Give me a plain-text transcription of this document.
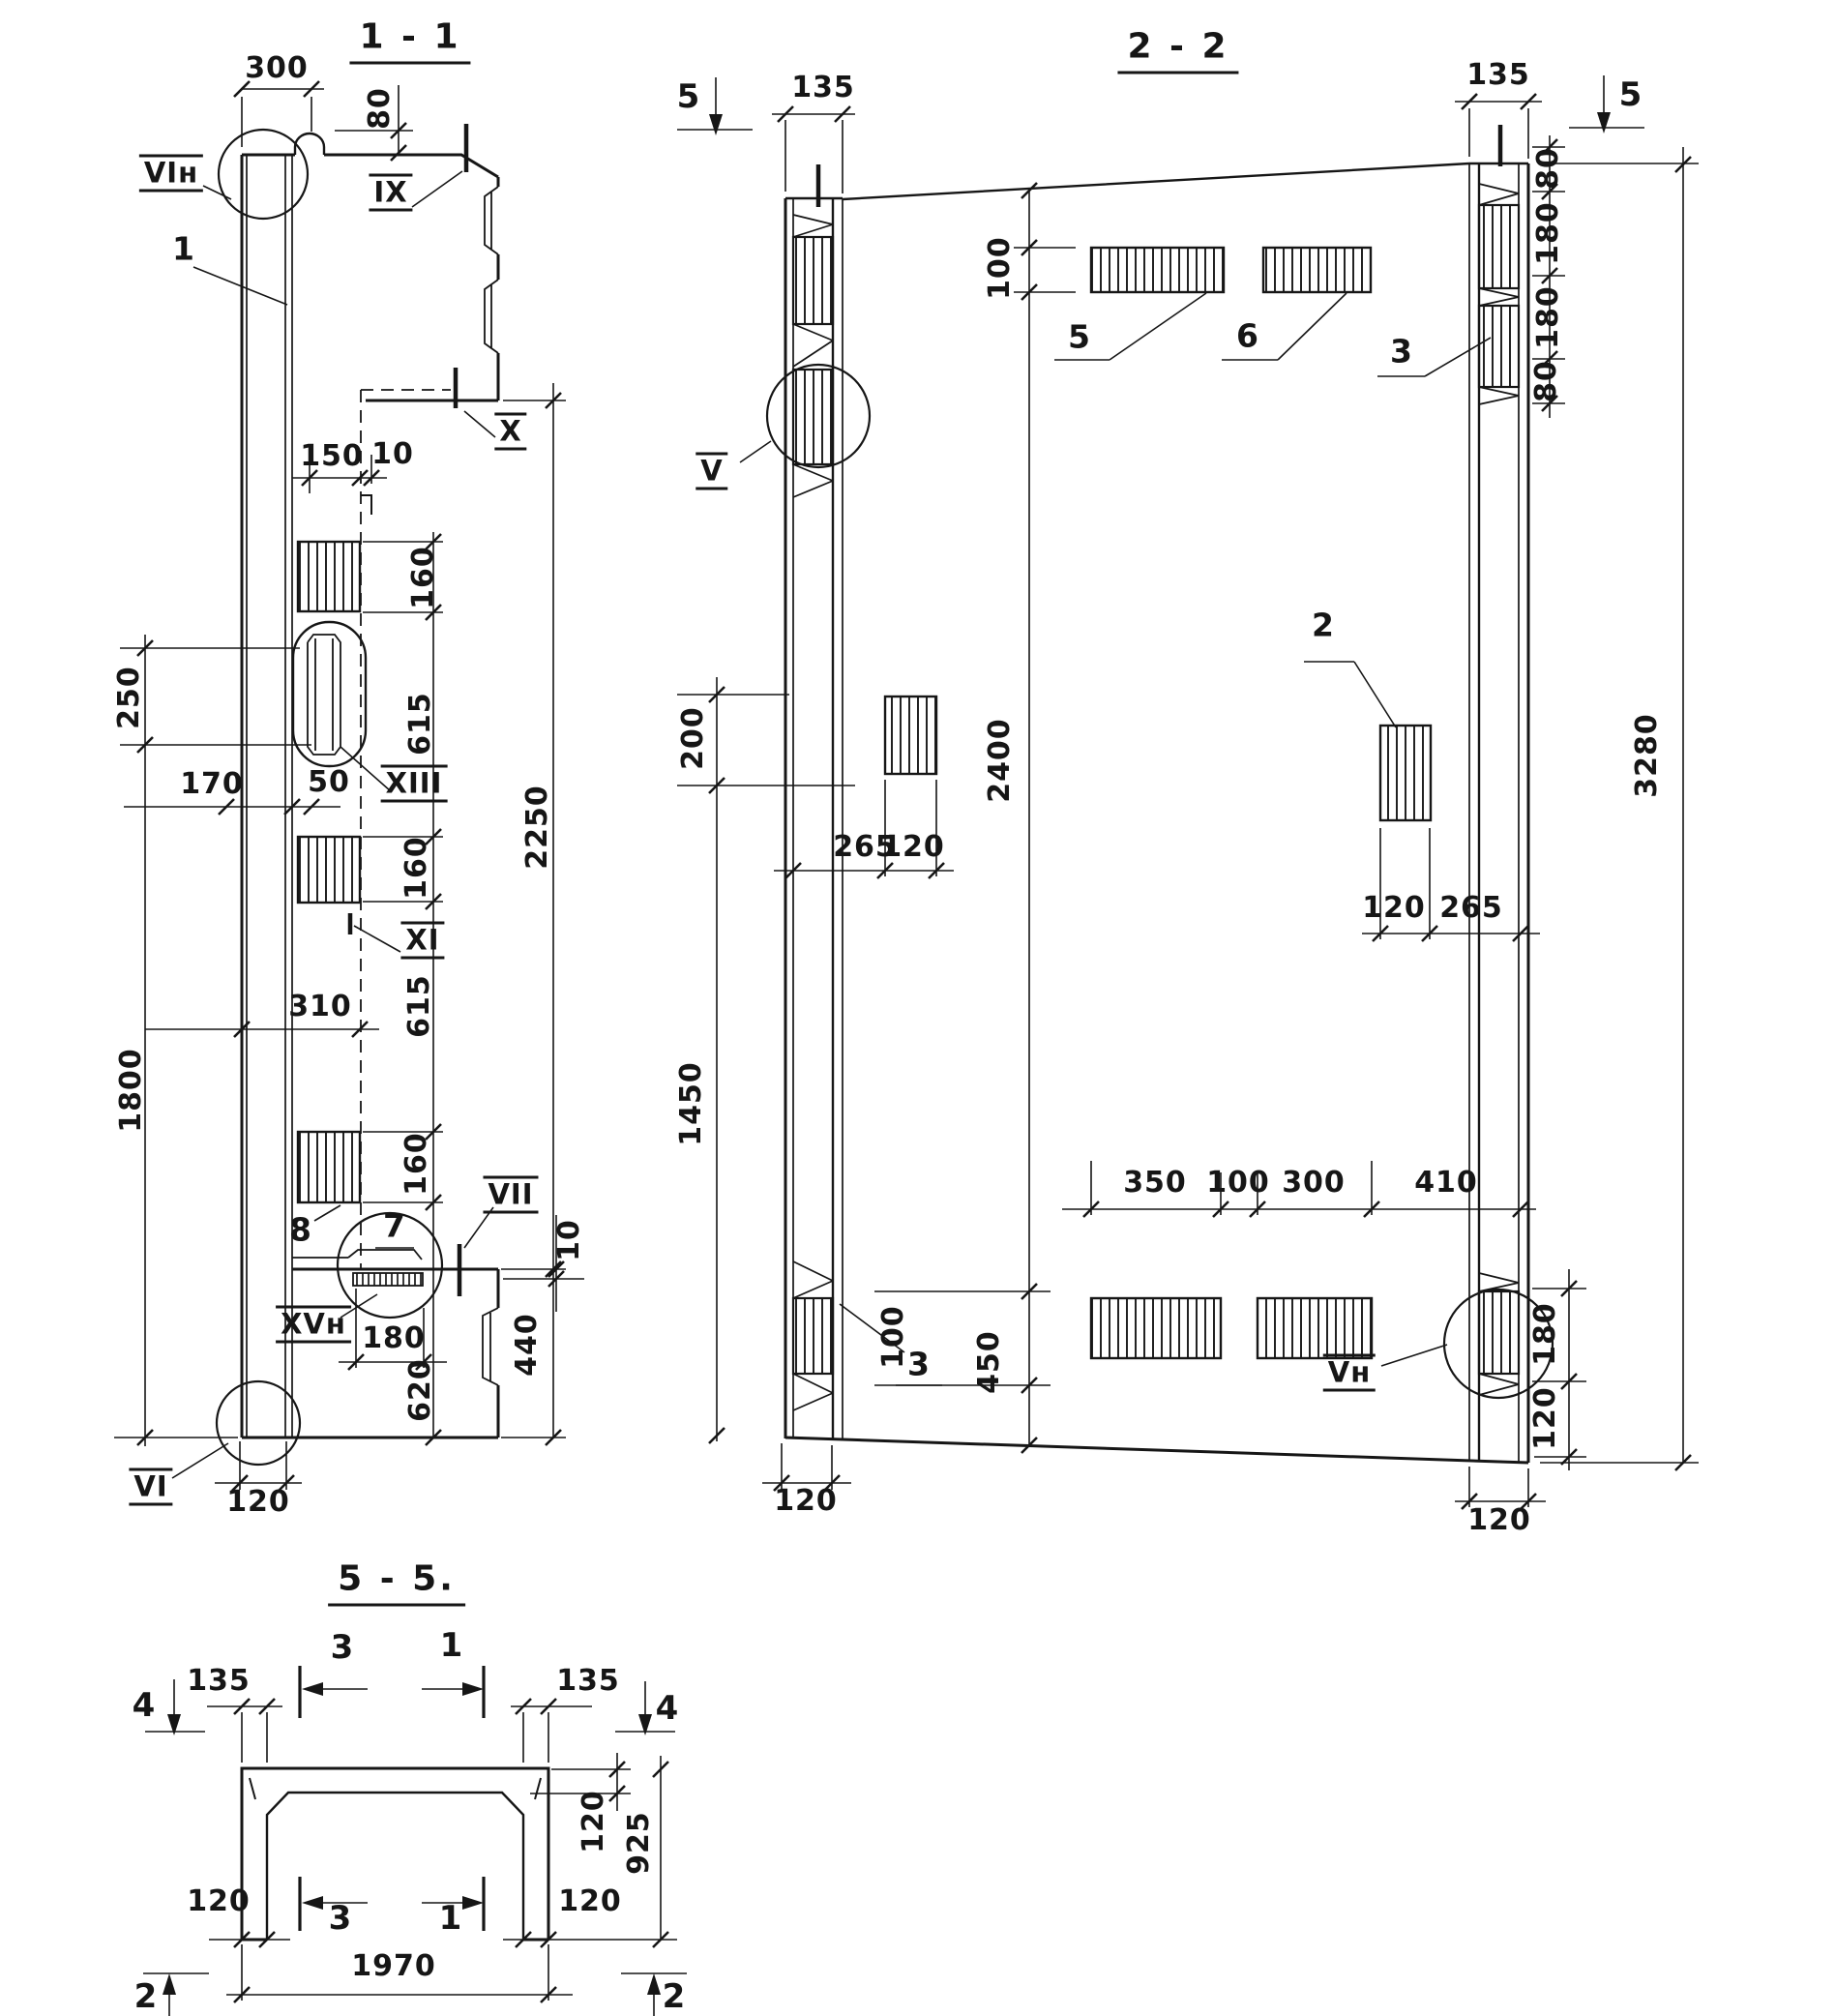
1 - 1	2 - 2
5 - 5.
300
80
150 10
160
250	615
2250
170 50
310
160
615
160
1800
180
620
440
10
120
VIн
IX
X
XIII
XI
VII
XVн
VI
1
8 7
5	135	135
5
80
180
180
80
100
5	6	3
V
200	2400	3280
2
265
120
120 265
1450
350 100 300 410
100 450
3	Vн
180
120
120
120
4
135
3	1
135
4
120 925
120 3	1	120
1970
2	2
